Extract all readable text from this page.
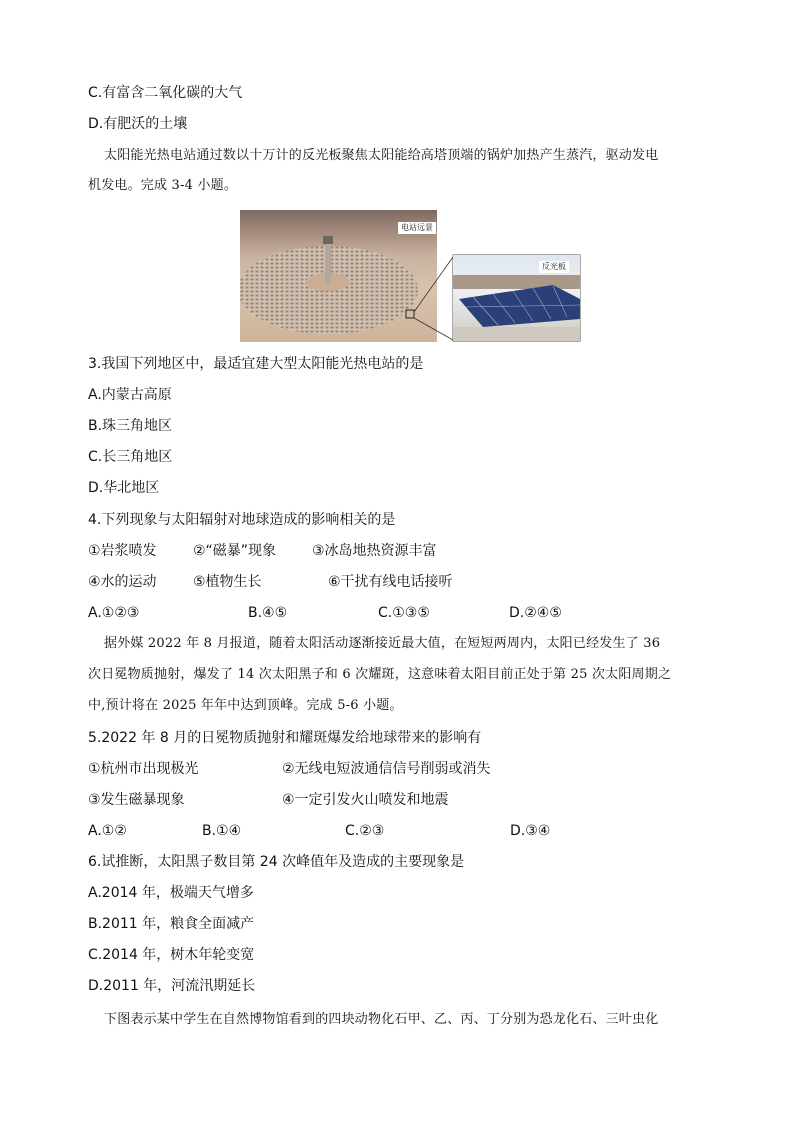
C.有富含二氧化碳的大气
D.有肥沃的土壤
太阳能光热电站通过数以十万计的反光板聚焦太阳能给高塔顶端的锅炉加热产生蒸汽，驱动发电
机发电。完成 3-4 小题。
电站远景
反光板
3.我国下列地区中，最适宜建大型太阳能光热电站的是
A.内蒙古高原
B.珠三角地区
C.长三角地区
D.华北地区
4.下列现象与太阳辐射对地球造成的影响相关的是
①岩浆喷发	②“磁暴”现象	③冰岛地热资源丰富
④水的运动	⑤植物生长	⑥干扰有线电话接听
A.①②③	B.④⑤	C.①③⑤	D.②④⑤
据外媒 2022 年 8 月报道，随着太阳活动逐渐接近最大值，在短短两周内，太阳已经发生了 36
次日冕物质抛射，爆发了 14 次太阳黑子和 6 次耀斑，这意味着太阳目前正处于第 25 次太阳周期之
中,预计将在 2025 年年中达到顶峰。完成 5-6 小题。
5.2022 年 8 月的日冕物质抛射和耀斑爆发给地球带来的影响有
①杭州市出现极光	②无线电短波通信信号削弱或消失
③发生磁暴现象	④一定引发火山喷发和地震
A.①②	B.①④	C.②③	D.③④
6.试推断，太阳黑子数目第 24 次峰值年及造成的主要现象是
A.2014 年，极端天气增多
B.2011 年，粮食全面减产
C.2014 年，树木年轮变宽
D.2011 年，河流汛期延长
下图表示某中学生在自然博物馆看到的四块动物化石甲、乙、丙、丁分别为恐龙化石、三叶虫化
